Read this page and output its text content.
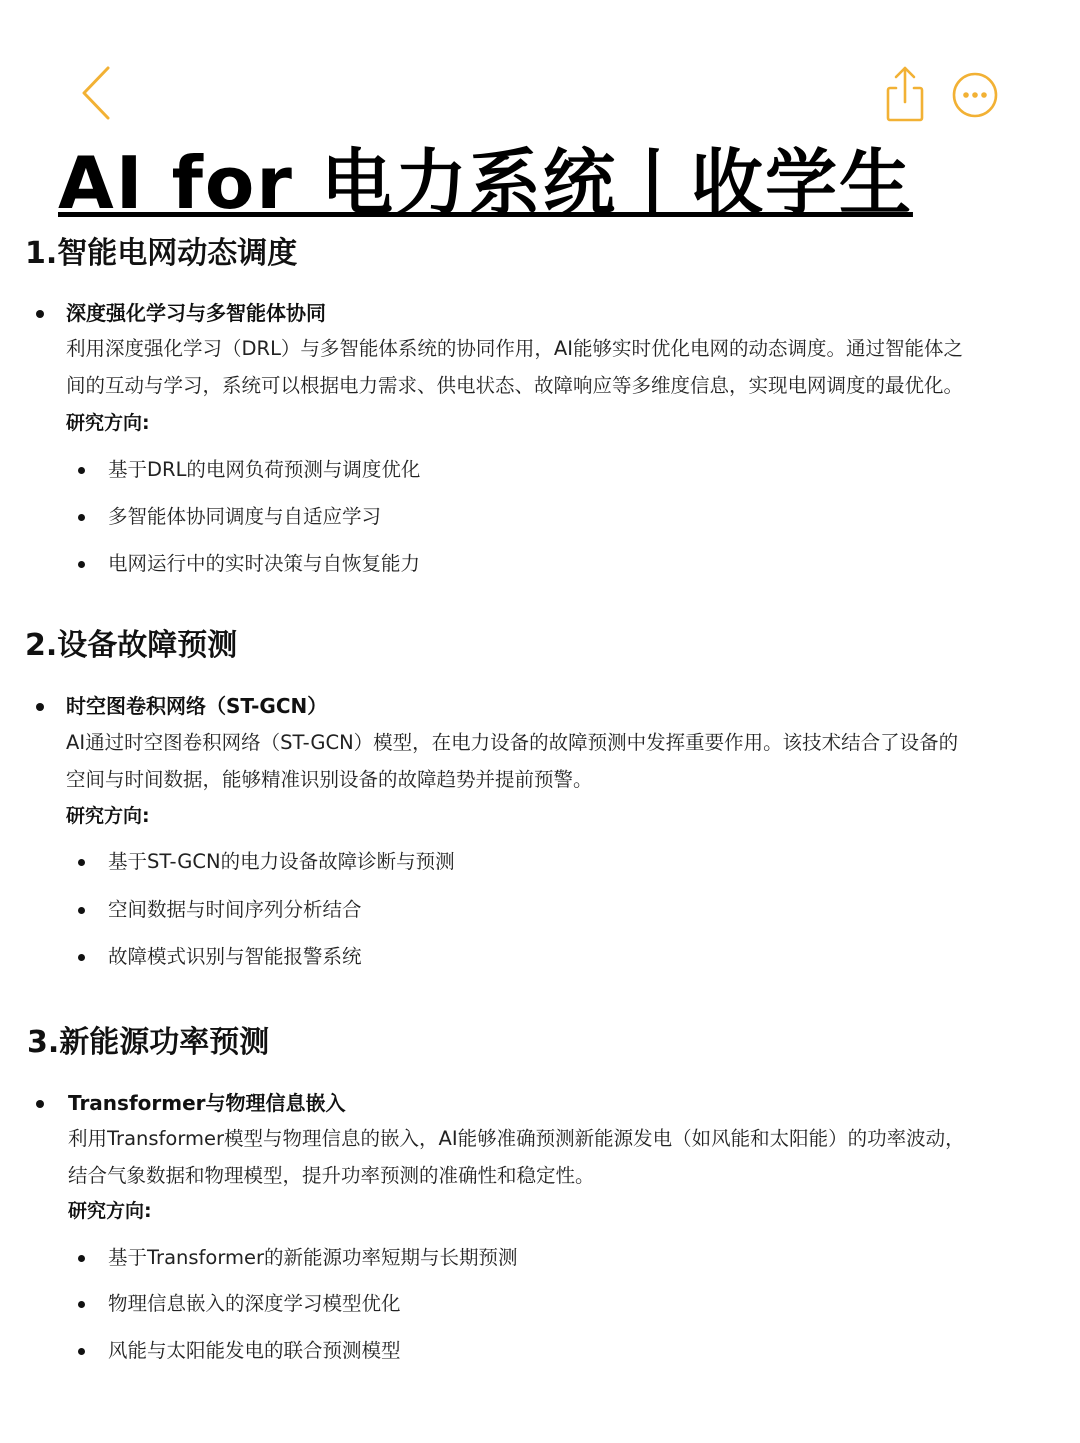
AI for 电力系统丨收学生
1.智能电网动态调度

深度强化学习与多智能体协同

利用深度强化学习（DRL）与多智能体系统的协同作用，AI能够实时优化电网的动态调度。通过智能体之

间的互动与学习，系统可以根据电力需求、供电状态、故障响应等多维度信息，实现电网调度的最优化。

研究方向:

基于DRL的电网负荷预测与调度优化
多智能体协同调度与自适应学习
电网运行中的实时决策与自恢复能力
2.设备故障预测

时空图卷积网络（ST-GCN）

AI通过时空图卷积网络（ST-GCN）模型，在电力设备的故障预测中发挥重要作用。该技术结合了设备的

空间与时间数据，能够精准识别设备的故障趋势并提前预警。

研究方向:

基于ST-GCN的电力设备故障诊断与预测
空间数据与时间序列分析结合
故障模式识别与智能报警系统
3.新能源功率预测

Transformer与物理信息嵌入

利用Transformer模型与物理信息的嵌入，AI能够准确预测新能源发电（如风能和太阳能）的功率波动，

结合气象数据和物理模型，提升功率预测的准确性和稳定性。

研究方向:

基于Transformer的新能源功率短期与长期预测
物理信息嵌入的深度学习模型优化
风能与太阳能发电的联合预测模型
